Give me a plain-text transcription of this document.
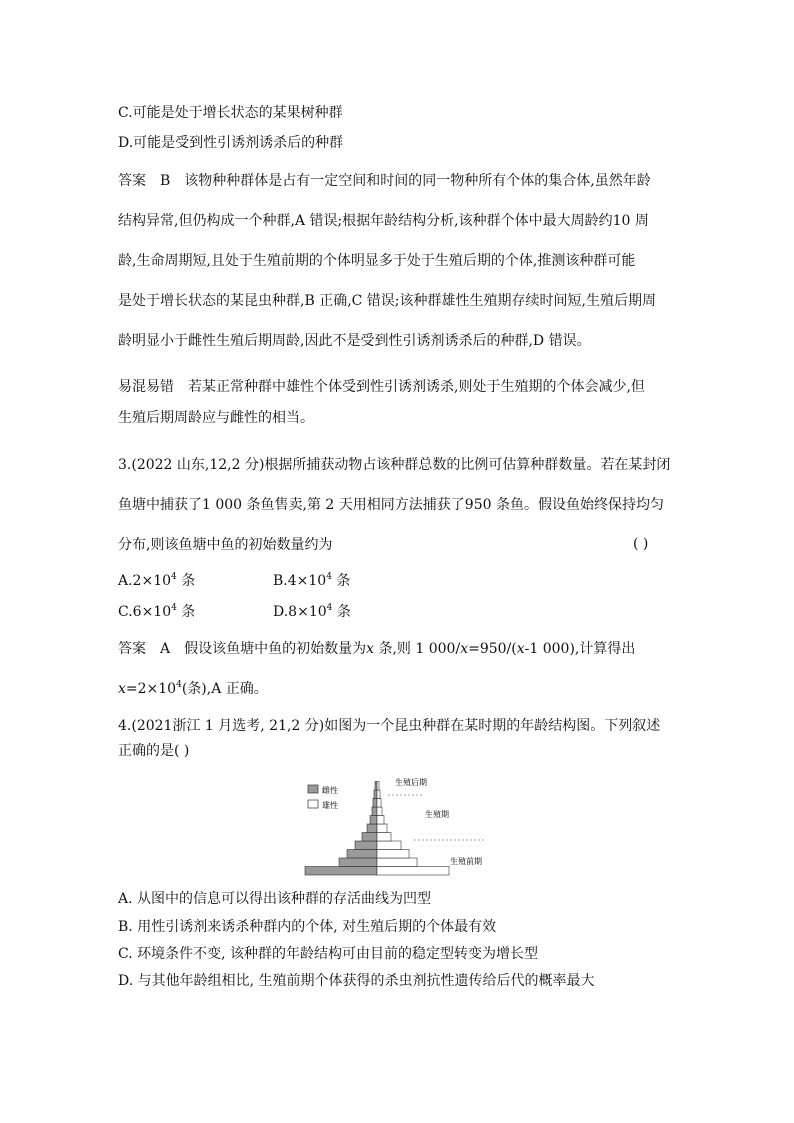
C.可能是处于增长状态的某果树种群
D.可能是受到性引诱剂诱杀后的种群
答案 B 该物种种群体是占有一定空间和时间的同一物种所有个体的集合体,虽然年龄
结构异常,但仍构成一个种群,A 错误;根据年龄结构分析,该种群个体中最大周龄约10 周
龄,生命周期短,且处于生殖前期的个体明显多于处于生殖后期的个体,推测该种群可能
是处于增长状态的某昆虫种群,B 正确,C 错误;该种群雄性生殖期存续时间短,生殖后期周
龄明显小于雌性生殖后期周龄,因此不是受到性引诱剂诱杀后的种群,D 错误。
易混易错 若某正常种群中雄性个体受到性引诱剂诱杀,则处于生殖期的个体会减少,但
生殖后期周龄应与雌性的相当。
3.(2022 山东,12,2 分)根据所捕获动物占该种群总数的比例可估算种群数量。若在某封闭
鱼塘中捕获了1 000 条鱼售卖,第 2 天用相同方法捕获了950 条鱼。假设鱼始终保持均匀
分布,则该鱼塘中鱼的初始数量约为	( )
$A.2\times 10^4$ 条	$B.4\times 10^4$ 条
$C.6\times 10^4$ 条	$D.8\times 10^4$ 条
答案 A 假设该鱼塘中鱼的初始数量为x 条,则 1 000/x=950/(x-1 000),计算得出
$x=2\times 10^4$(条),A 正确。
4.(2021浙江 1 月选考, 21,2 分)如图为一个昆虫种群在某时期的年龄结构图。下列叙述
正确的是( )
雌性
雄性
生殖后期
生殖期
生殖前期
A. 从图中的信息可以得出该种群的存活曲线为凹型
B. 用性引诱剂来诱杀种群内的个体, 对生殖后期的个体最有效
C. 环境条件不变, 该种群的年龄结构可由目前的稳定型转变为增长型
D. 与其他年龄组相比, 生殖前期个体获得的杀虫剂抗性遗传给后代的概率最大
